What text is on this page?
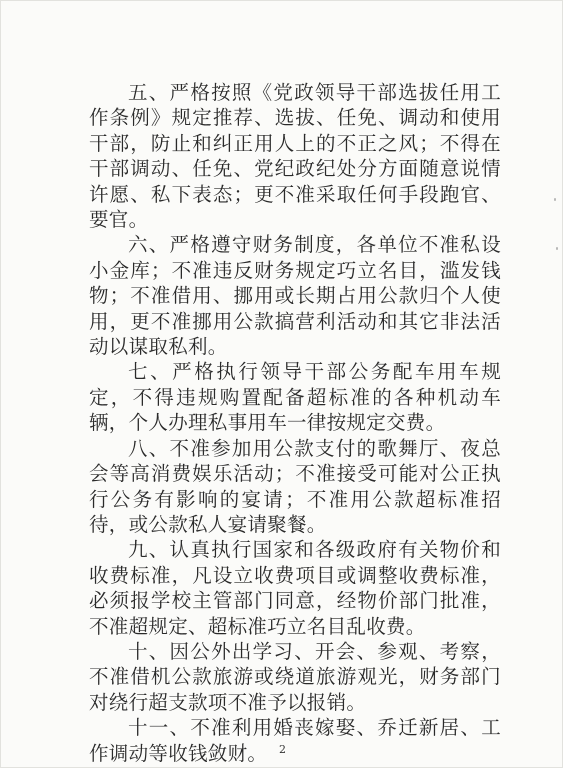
五、严格按照《党政领导干部选拔任用工作条例》规定推荐、选拔、任免、调动和使用干部，防止和纠正用人上的不正之风；不得在干部调动、任免、党纪政纪处分方面随意说情许愿、私下表态；更不准采取任何手段跑官、要官。

六、严格遵守财务制度，各单位不准私设小金库；不准违反财务规定巧立名目，滥发钱物；不准借用、挪用或长期占用公款归个人使用，更不准挪用公款搞营利活动和其它非法活动以谋取私利。

七、严格执行领导干部公务配车用车规定，不得违规购置配备超标准的各种机动车辆，个人办理私事用车一律按规定交费。

八、不准参加用公款支付的歌舞厅、夜总会等高消费娱乐活动；不准接受可能对公正执行公务有影响的宴请；不准用公款超标准招待，或公款私人宴请聚餐。

九、认真执行国家和各级政府有关物价和收费标准，凡设立收费项目或调整收费标准，必须报学校主管部门同意，经物价部门批准，不准超规定、超标准巧立名目乱收费。

十、因公外出学习、开会、参观、考察，不准借机公款旅游或绕道旅游观光，财务部门对绕行超支款项不准予以报销。

十一、不准利用婚丧嫁娶、乔迁新居、工作调动等收钱敛财。	2
